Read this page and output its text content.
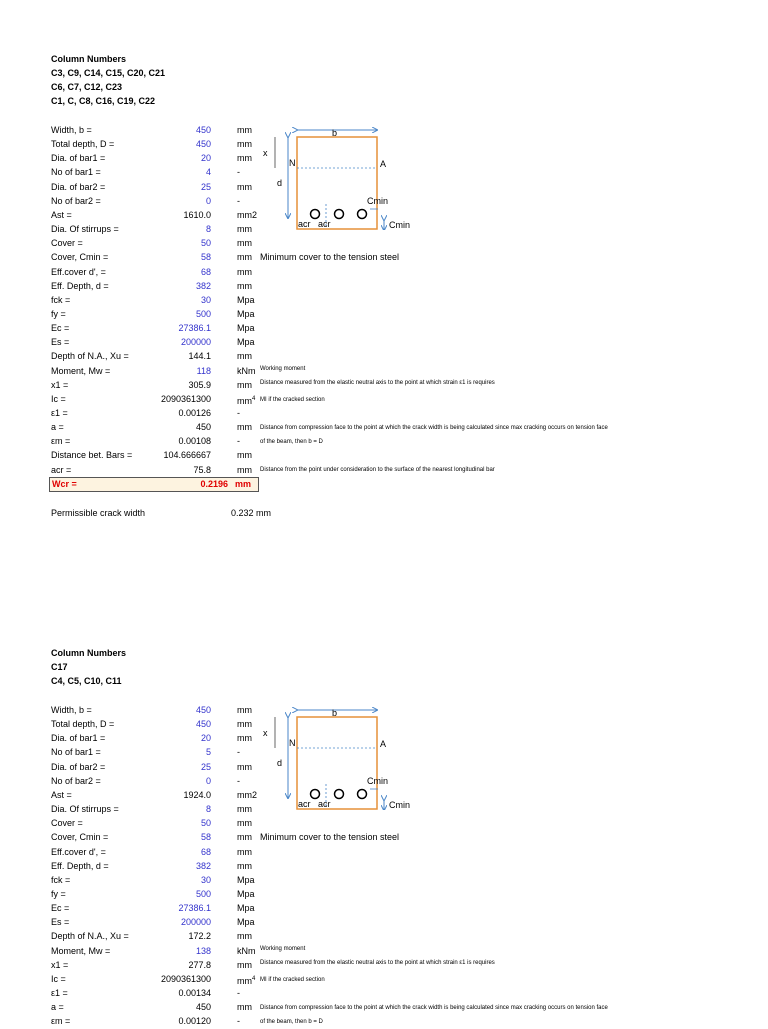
Column Numbers
C3, C9, C14, C15, C20, C21
C6, C7, C12, C23
C1, C, C8, C16, C19, C22
Width, b =	450	mm
Total depth, D =	450	mm
Dia. of bar1 =	20	mm
No of bar1 =	4	-
Dia. of bar2 =	25	mm
No of bar2 =	0	-
Ast =	1610.0	mm2
Dia. Of stirrups =	8	mm
Cover =	50	mm
Cover, Cmin =	58	mm
Eff.cover d', =	68	mm
Eff. Depth, d =	382	mm
fck =	30	Mpa
fy =	500	Mpa
Ec =	27386.1	Mpa
Es =	200000	Mpa
Depth of N.A., Xu =	144.1	mm
Moment, Mw =	118	kNm
x1 =	305.9	mm
Ic =	2090361300	$mm^4$
ε1 =	0.00126	-
a =	450	mm
εm =	0.00108	-
Distance bet. Bars =	104.666667	mm
acr =	75.8	mm
Wcr =	0.2196 mm
Minimum cover to the tension steel
Working moment
Distance measured from the elastic neutral axis to the point at which strain ε1 is requires
MI if the cracked section
Distance from compression face to the point at which the crack width is being calculated since max cracking occurs on tension face
of the beam, then b = D
Distance from the point under consideration to the surface of the nearest longitudinal bar
Permissible crack width	0.232 mm
b
x
d
N	A
acr acr
Cmin
Cmin
Column Numbers
C17
C4, C5, C10, C11
Width, b =	450	mm
Total depth, D =	450	mm
Dia. of bar1 =	20	mm
No of bar1 =	5	-
Dia. of bar2 =	25	mm
No of bar2 =	0	-
Ast =	1924.0	mm2
Dia. Of stirrups =	8	mm
Cover =	50	mm
Cover, Cmin =	58	mm
Eff.cover d', =	68	mm
Eff. Depth, d =	382	mm
fck =	30	Mpa
fy =	500	Mpa
Ec =	27386.1	Mpa
Es =	200000	Mpa
Depth of N.A., Xu =	172.2	mm
Moment, Mw =	138	kNm
x1 =	277.8	mm
Ic =	2090361300	$mm^4$
ε1 =	0.00134	-
a =	450	mm
εm =	0.00120	-
Minimum cover to the tension steel
Working moment
Distance measured from the elastic neutral axis to the point at which strain ε1 is requires
MI if the cracked section
Distance from compression face to the point at which the crack width is being calculated since max cracking occurs on tension face
of the beam, then b = D
b
x
d
N	A
acr acr
Cmin
Cmin
